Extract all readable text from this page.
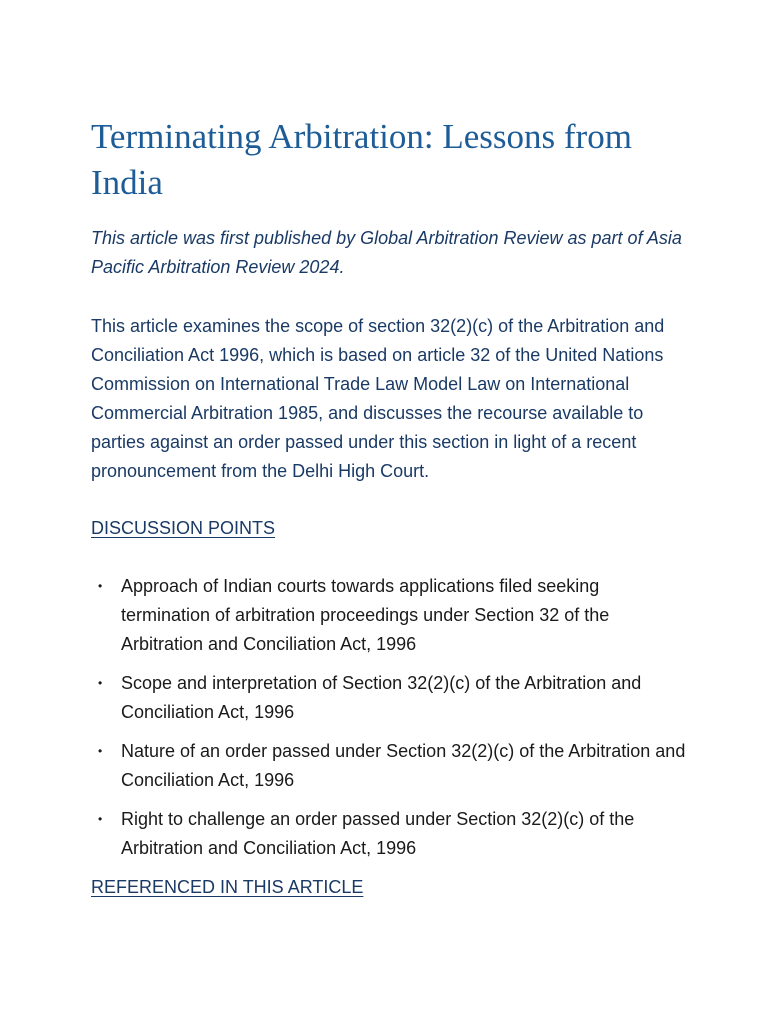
Terminating Arbitration: Lessons from India

This article was first published by Global Arbitration Review as part of Asia Pacific Arbitration Review 2024.

This article examines the scope of section 32(2)(c) of the Arbitration and Conciliation Act 1996, which is based on article 32 of the United Nations Commission on International Trade Law Model Law on International Commercial Arbitration 1985, and discusses the recourse available to parties against an order passed under this section in light of a recent pronouncement from the Delhi High Court.

DISCUSSION POINTS
• Approach of Indian courts towards applications filed seeking termination of arbitration proceedings under Section 32 of the Arbitration and Conciliation Act, 1996
• Scope and interpretation of Section 32(2)(c) of the Arbitration and Conciliation Act, 1996
• Nature of an order passed under Section 32(2)(c) of the Arbitration and Conciliation Act, 1996
• Right to challenge an order passed under Section 32(2)(c) of the Arbitration and Conciliation Act, 1996
REFERENCED IN THIS ARTICLE
